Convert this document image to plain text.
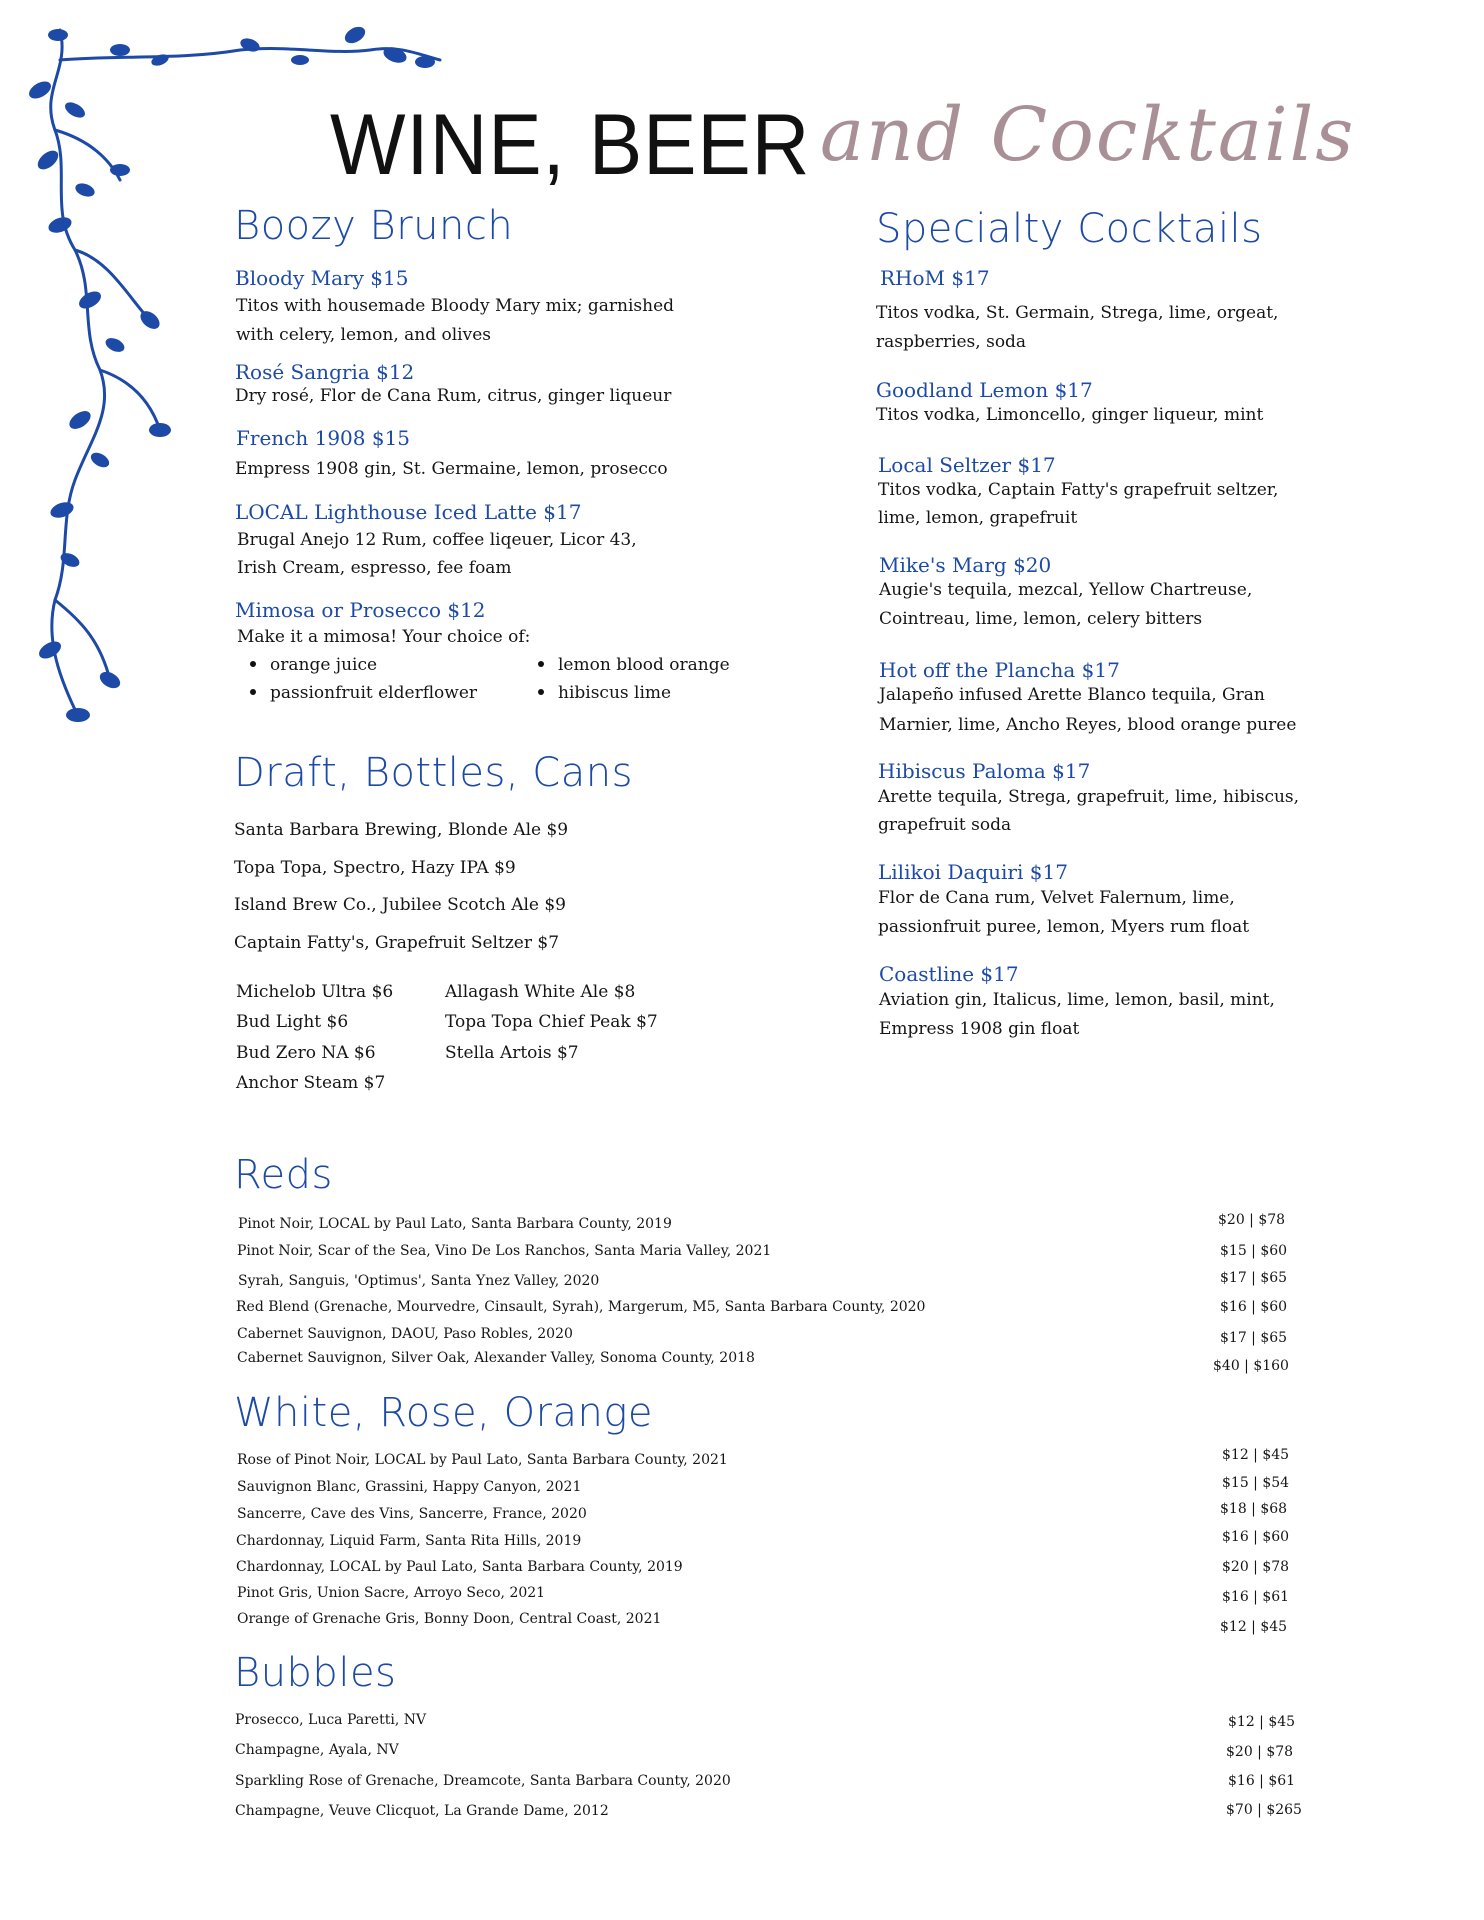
WINE, BEER and Cocktails
Boozy Brunch
Bloody Mary $15
Titos with housemade Bloody Mary mix; garnished
with celery, lemon, and olives
Rosé Sangria $12
Dry rosé, Flor de Cana Rum, citrus, ginger liqueur
French 1908 $15
Empress 1908 gin, St. Germaine, lemon, prosecco
LOCAL Lighthouse Iced Latte $17
Brugal Anejo 12 Rum, coffee liqeuer, Licor 43,
Irish Cream, espresso, fee foam
Mimosa or Prosecco $12
Make it a mimosa! Your choice of:
orange juice	lemon blood orange
passionfruit elderflower	hibiscus lime
Draft, Bottles, Cans
Santa Barbara Brewing, Blonde Ale $9
Topa Topa, Spectro, Hazy IPA $9
Island Brew Co., Jubilee Scotch Ale $9
Captain Fatty's, Grapefruit Seltzer $7
Michelob Ultra $6
Bud Light $6
Bud Zero NA $6
Anchor Steam $7
Allagash White Ale $8
Topa Topa Chief Peak $7
Stella Artois $7
Specialty Cocktails
RHoM $17
Titos vodka, St. Germain, Strega, lime, orgeat,
raspberries, soda
Goodland Lemon $17
Titos vodka, Limoncello, ginger liqueur, mint
Local Seltzer $17
Titos vodka, Captain Fatty's grapefruit seltzer,
lime, lemon, grapefruit
Mike's Marg $20
Augie's tequila, mezcal, Yellow Chartreuse,
Cointreau, lime, lemon, celery bitters
Hot off the Plancha $17
Jalapeño infused Arette Blanco tequila, Gran
Marnier, lime, Ancho Reyes, blood orange puree
Hibiscus Paloma $17
Arette tequila, Strega, grapefruit, lime, hibiscus,
grapefruit soda
Lilikoi Daquiri $17
Flor de Cana rum, Velvet Falernum, lime,
passionfruit puree, lemon, Myers rum float
Coastline $17
Aviation gin, Italicus, lime, lemon, basil, mint,
Empress 1908 gin float
Reds
Pinot Noir, LOCAL by Paul Lato, Santa Barbara County, 2019
Pinot Noir, Scar of the Sea, Vino De Los Ranchos, Santa Maria Valley, 2021
Syrah, Sanguis, 'Optimus', Santa Ynez Valley, 2020
Red Blend (Grenache, Mourvedre, Cinsault, Syrah), Margerum, M5, Santa Barbara County, 2020
Cabernet Sauvignon, DAOU, Paso Robles, 2020
Cabernet Sauvignon, Silver Oak, Alexander Valley, Sonoma County, 2018
$20 | $78
$15 | $60
$17 | $65
$16 | $60
$17 | $65
$40 | $160
White, Rose, Orange
Rose of Pinot Noir, LOCAL by Paul Lato, Santa Barbara County, 2021
Sauvignon Blanc, Grassini, Happy Canyon, 2021
Sancerre, Cave des Vins, Sancerre, France, 2020
Chardonnay, Liquid Farm, Santa Rita Hills, 2019
Chardonnay, LOCAL by Paul Lato, Santa Barbara County, 2019
Pinot Gris, Union Sacre, Arroyo Seco, 2021
Orange of Grenache Gris, Bonny Doon, Central Coast, 2021
$12 | $45
$15 | $54
$18 | $68
$16 | $60
$20 | $78
$16 | $61
$12 | $45
Bubbles
Prosecco, Luca Paretti, NV
Champagne, Ayala, NV
Sparkling Rose of Grenache, Dreamcote, Santa Barbara County, 2020
Champagne, Veuve Clicquot, La Grande Dame, 2012
$12 | $45
$20 | $78
$16 | $61
$70 | $265
